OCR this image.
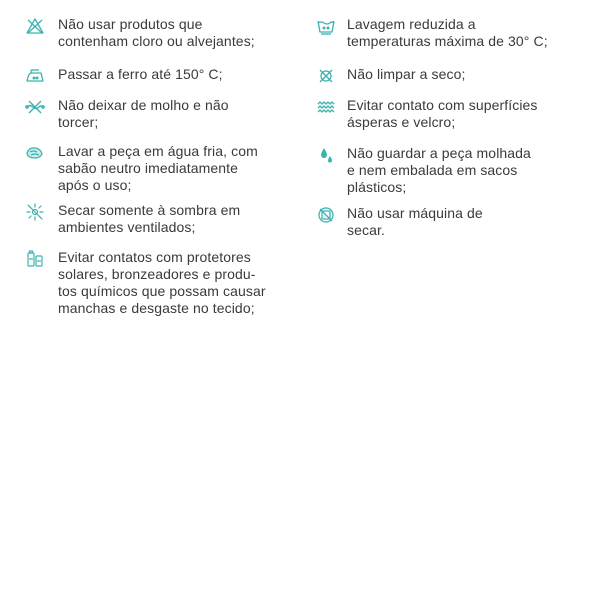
Não usar produtos que
contenham cloro ou alvejantes;
Passar a ferro até 150° C;
Não deixar de molho e não
torcer;
Lavar a peça em água fria, com
sabão neutro imediatamente
após o uso;
Secar somente à sombra em
ambientes ventilados;
Evitar contatos com protetores
solares, bronzeadores e produ-
tos químicos que possam causar
manchas e desgaste no tecido;
Lavagem reduzida a
temperaturas máxima de 30° C;
Não limpar a seco;
Evitar contato com superfícies
ásperas e velcro;
Não guardar a peça molhada
e nem embalada em sacos
plásticos;
Não usar máquina de
secar.
